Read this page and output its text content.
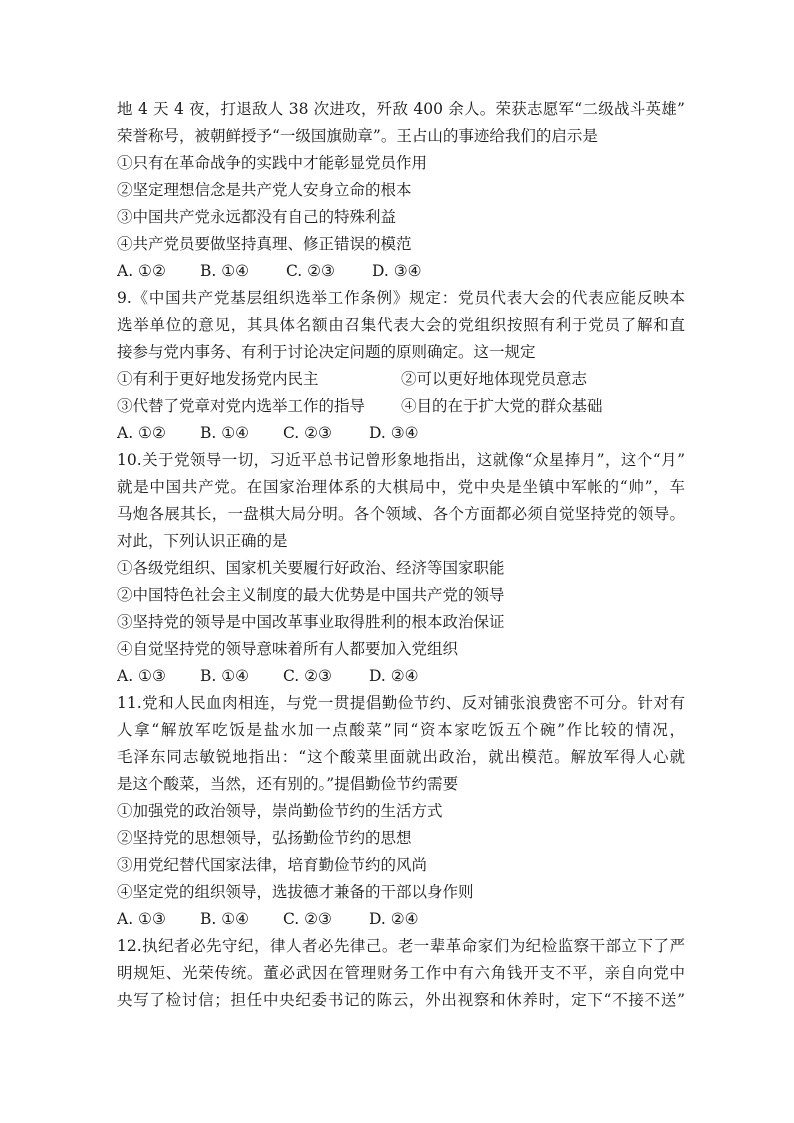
地 4 天 4 夜，打退敌人 38 次进攻，歼敌 400 余人。荣获志愿军“二级战斗英雄”
荣誉称号，被朝鲜授予“一级国旗勋章”。王占山的事迹给我们的启示是
①只有在革命战争的实践中才能彰显党员作用
②坚定理想信念是共产党人安身立命的根本
③中国共产党永远都没有自己的特殊利益
④共产党员要做坚持真理、修正错误的模范
A. ①② B. ①④ C. ②③ D. ③④
9.《中国共产党基层组织选举工作条例》规定：党员代表大会的代表应能反映本
选举单位的意见，其具体名额由召集代表大会的党组织按照有利于党员了解和直
接参与党内事务、有利于讨论决定问题的原则确定。这一规定
①有利于更好地发扬党内民主	②可以更好地体现党员意志
③代替了党章对党内选举工作的指导 ④目的在于扩大党的群众基础
A. ①② B. ①④ C. ②③ D. ③④
10.关于党领导一切，习近平总书记曾形象地指出，这就像“众星捧月”，这个“月”
就是中国共产党。在国家治理体系的大棋局中，党中央是坐镇中军帐的“帅”，车
马炮各展其长，一盘棋大局分明。各个领域、各个方面都必须自觉坚持党的领导。
对此，下列认识正确的是
①各级党组织、国家机关要履行好政治、经济等国家职能
②中国特色社会主义制度的最大优势是中国共产党的领导
③坚持党的领导是中国改革事业取得胜利的根本政治保证
④自觉坚持党的领导意味着所有人都要加入党组织
A. ①③ B. ①④ C. ②③ D. ②④
11.党和人民血肉相连，与党一贯提倡勤俭节约、反对铺张浪费密不可分。针对有
人拿“解放军吃饭是盐水加一点酸菜”同“资本家吃饭五个碗”作比较的情况，
毛泽东同志敏锐地指出：“这个酸菜里面就出政治，就出模范。解放军得人心就
是这个酸菜，当然，还有别的。”提倡勤俭节约需要
①加强党的政治领导，崇尚勤俭节约的生活方式
②坚持党的思想领导，弘扬勤俭节约的思想
③用党纪替代国家法律，培育勤俭节约的风尚
④坚定党的组织领导，选拔德才兼备的干部以身作则
A. ①③ B. ①④ C. ②③ D. ②④
12.执纪者必先守纪，律人者必先律己。老一辈革命家们为纪检监察干部立下了严
明规矩、光荣传统。董必武因在管理财务工作中有六角钱开支不平，亲自向党中
央写了检讨信；担任中央纪委书记的陈云，外出视察和休养时，定下“不接不送”
